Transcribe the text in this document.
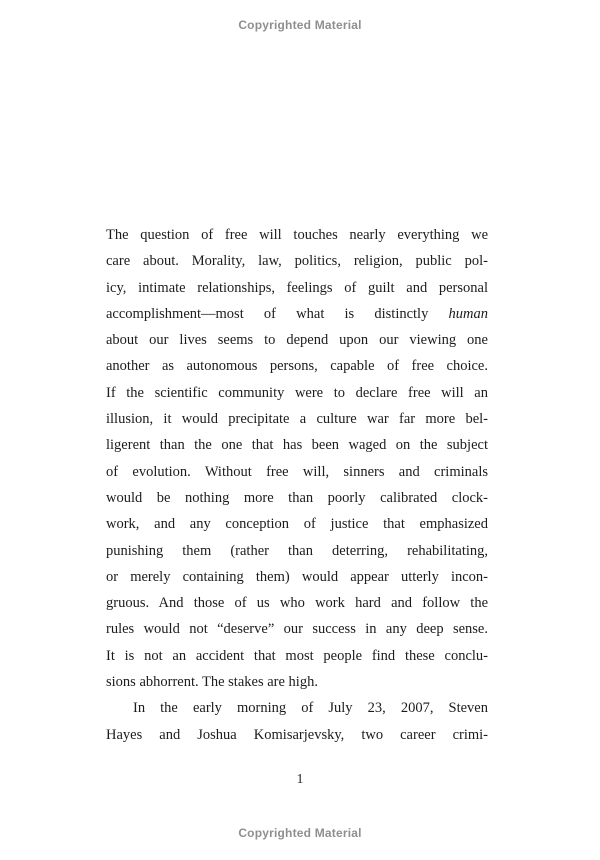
Copyrighted Material
The question of free will touches nearly everything we
care about. Morality, law, politics, religion, public pol-
icy, intimate relationships, feelings of guilt and personal
accomplishment—most of what is distinctly human
about our lives seems to depend upon our viewing one
another as autonomous persons, capable of free choice.
If the scientific community were to declare free will an
illusion, it would precipitate a culture war far more bel-
ligerent than the one that has been waged on the subject
of evolution. Without free will, sinners and criminals
would be nothing more than poorly calibrated clock-
work, and any conception of justice that emphasized
punishing them (rather than deterring, rehabilitating,
or merely containing them) would appear utterly incon-
gruous. And those of us who work hard and follow the
rules would not “deserve” our success in any deep sense.
It is not an accident that most people find these conclu-
sions abhorrent. The stakes are high.
In the early morning of July 23, 2007, Steven
Hayes and Joshua Komisarjevsky, two career crimi-
1
Copyrighted Material
